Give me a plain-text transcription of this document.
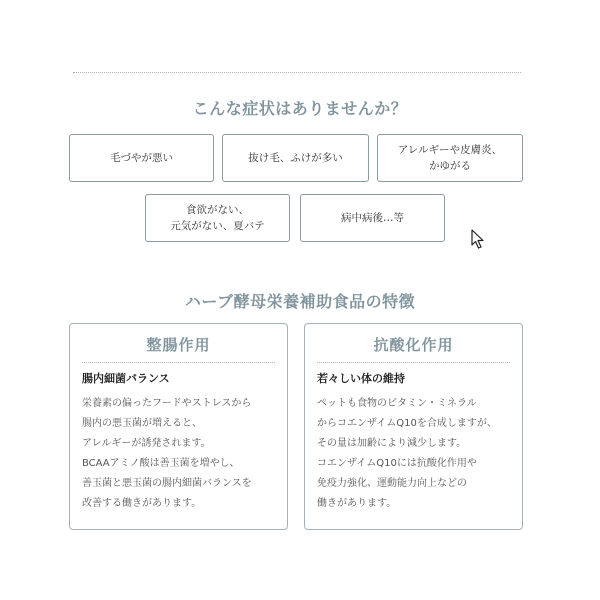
こんな症状はありませんか？
毛づやが悪い	抜け毛、ふけが多い
アレルギーや皮膚炎、
かゆがる
食欲がない、
元気がない、夏バテ
病中病後…等
ハーブ酵母栄養補助食品の特徴
整腸作用
腸内細菌バランス
栄養素の偏ったフードやストレスから
腸内の悪玉菌が増えると、
アレルギーが誘発されます。
BCAAアミノ酸は善玉菌を増やし、
善玉菌と悪玉菌の腸内細菌バランスを
改善する働きがあります。
抗酸化作用
若々しい体の維持
ペットも食物のビタミン・ミネラル
からコエンザイムQ10を合成しますが、
その量は加齢により減少します。
コエンザイムQ10には抗酸化作用や
免疫力強化、運動能力向上などの
働きがあります。
